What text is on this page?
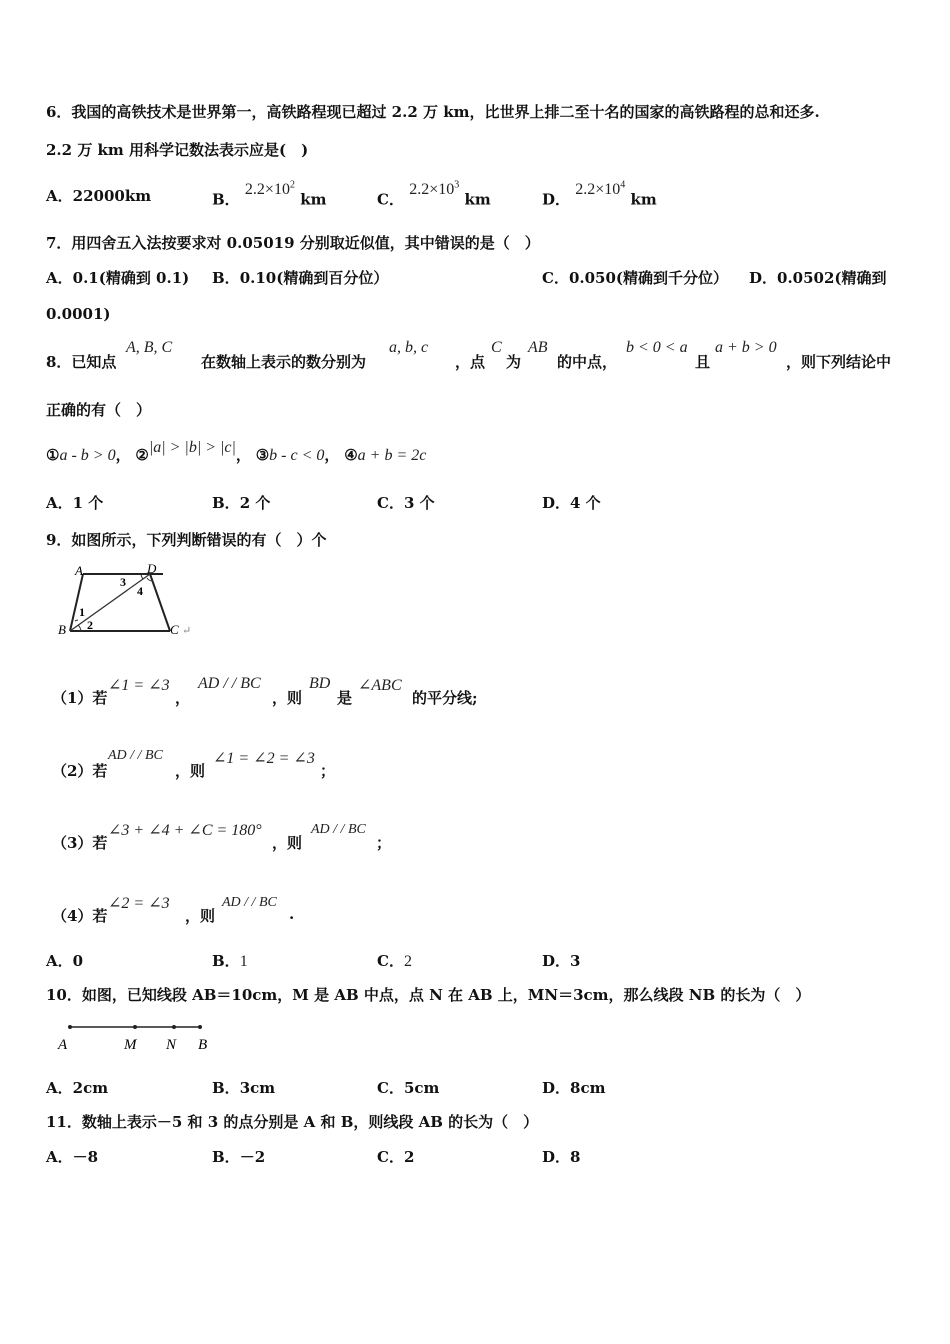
6．我国的高铁技术是世界第一，高铁路程现已超过 2.2 万 km，比世界上排二至十名的国家的高铁路程的总和还多.
2.2 万 km 用科学记数法表示应是(　)
A．22000km	B． $2.2\times 10^2$ km	C． $2.2\times 10^3$ km	D． $2.2\times 10^4$ km
7．用四舍五入法按要求对 0.05019 分别取近似值，其中错误的是（　）
A．0.1(精确到 0.1) B．0.10(精确到百分位）	C．0.050(精确到千分位） D．0.0502(精确到
0.0001)
8．已知点
A, B, C
在数轴上表示的数分别为
a, b, c
，点
C
为
AB
的中点，
b < 0 < a
且
a + b > 0
，则下列结论中
正确的有（　）
①a - b > 0， ②|a| > |b| > |c|， ③b - c < 0， ④a + b = 2c
A．1 个	B．2 个	C．3 个	D．4 个
9．如图所示，下列判断错误的有（　）个
A	D
B	C ↵
1
2
3
4
（1）若
∠1 = ∠3
，
AD / / BC
，则
BD
是
∠ABC
的平分线;
（2）若
AD / / BC
，则
∠1 = ∠2 = ∠3
；
（3）若
∠3 + ∠4 + ∠C = 180°
，则
AD / / BC
；
（4）若
∠2 = ∠3
，则
AD / / BC
.
A．0	B．1	C．2	D．3
10．如图，已知线段 AB＝10cm，M 是 AB 中点，点 N 在 AB 上，MN＝3cm，那么线段 NB 的长为（　）
A	M N B
A．2cm	B．3cm	C．5cm	D．8cm
11．数轴上表示－5 和 3 的点分别是 A 和 B，则线段 AB 的长为（　）
A．－8	B．－2	C．2	D．8
